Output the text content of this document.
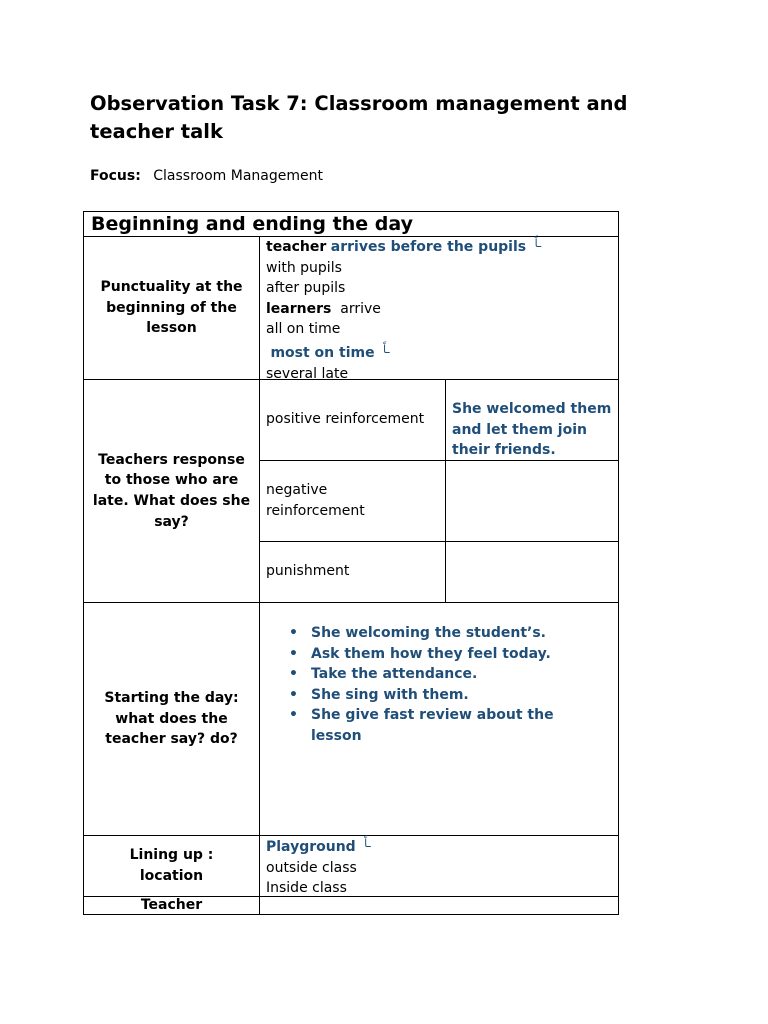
Observation Task 7: Classroom management and teacher talk
Focus: Classroom Management
Beginning and ending the day
Punctuality at the beginning of the lesson
teacher arrives before the pupils $^{ـاً}$
with pupils
after pupils
learners arrive
all on time
most on time $^{ـاً}$
several late
Teachers response to those who are late. What does she say?
positive reinforcement
She welcomed them and let them join their friends.
negative reinforcement
punishment
Starting the day: what does the teacher say? do?
• She welcoming the student’s.
• Ask them how they feel today.
• Take the attendance.
• She sing with them.
• She give fast review about the lesson
Lining up : location
Playground $^{ـاً}$
outside class
Inside class
Teacher
